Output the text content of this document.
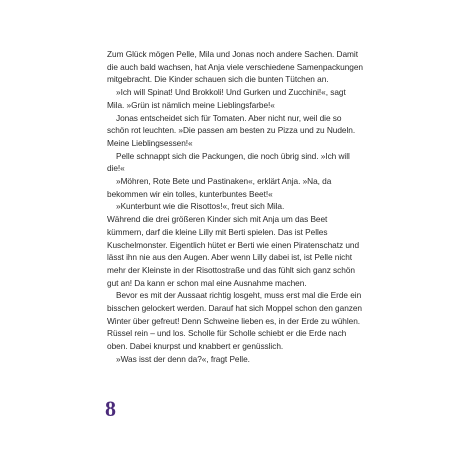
Zum Glück mögen Pelle, Mila und Jonas noch andere Sachen. Damit die auch bald wachsen, hat Anja viele verschiedene Samenpackungen mitgebracht. Die Kinder schauen sich die bunten Tütchen an.

»Ich will Spinat! Und Brokkoli! Und Gurken und Zucchini!«, sagt Mila. »Grün ist nämlich meine Lieblingsfarbe!«

Jonas entscheidet sich für Tomaten. Aber nicht nur, weil die so schön rot leuchten. »Die passen am besten zu Pizza und zu Nudeln. Meine Lieblingsessen!«

Pelle schnappt sich die Packungen, die noch übrig sind. »Ich will die!«

»Möhren, Rote Bete und Pastinaken«, erklärt Anja. »Na, da bekommen wir ein tolles, kunterbuntes Beet!«

»Kunterbunt wie die Risottos!«, freut sich Mila.

Während die drei größeren Kinder sich mit Anja um das Beet kümmern, darf die kleine Lilly mit Berti spielen. Das ist Pelles Kuschelmonster. Eigentlich hütet er Berti wie einen Piratenschatz und lässt ihn nie aus den Augen. Aber wenn Lilly dabei ist, ist Pelle nicht mehr der Kleinste in der Risottostraße und das fühlt sich ganz schön gut an! Da kann er schon mal eine Ausnahme machen.

Bevor es mit der Aussaat richtig losgeht, muss erst mal die Erde ein bisschen gelockert werden. Darauf hat sich Moppel schon den ganzen Winter über gefreut! Denn Schweine lieben es, in der Erde zu wühlen. Rüssel rein – und los. Scholle für Scholle schiebt er die Erde nach oben. Dabei knurpst und knabbert er genüsslich.

»Was isst der denn da?«, fragt Pelle.

8
